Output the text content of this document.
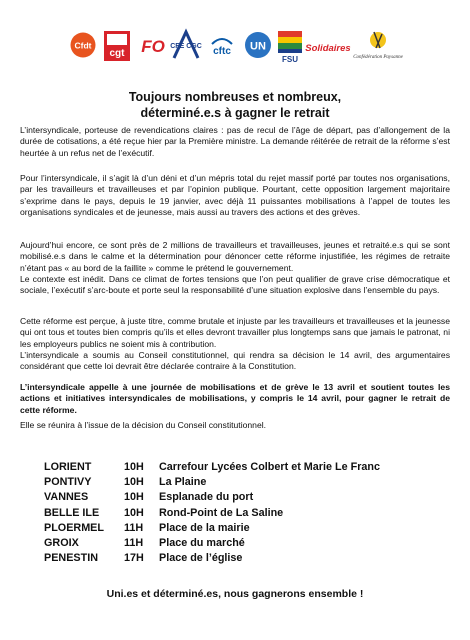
Cfdt
cgt FO CFE CGC cftc UN
FSU
Solidaires
Confédération Paysanne
Toujours nombreuses et nombreux,
déterminé.e.s à gagner le retrait

L’intersyndicale, porteuse de revendications claires : pas de recul de l’âge de départ, pas d’allongement de la durée de cotisations, a été reçue hier par la Première ministre. La demande réitérée de retrait de la réforme s’est heurtée à un refus net de l’exécutif.

Pour l’intersyndicale, il s’agit là d’un déni et d’un mépris total du rejet massif porté par toutes nos organisations, par les travailleurs et travailleuses et par l’opinion publique. Pourtant, cette opposition largement majoritaire s’exprime dans le pays, depuis le 19 janvier, avec déjà 11 puissantes mobilisations à l’appel de toutes les organisations syndicales et de jeunesse, mais aussi au travers des actions et des grèves.

Aujourd’hui encore, ce sont près de 2 millions de travailleurs et travailleuses, jeunes et retraité.e.s qui se sont mobilisé.e.s dans le calme et la détermination pour dénoncer cette réforme injustifiée, les régimes de retraite n’étant pas « au bord de la faillite » comme le prétend le gouvernement.
Le contexte est inédit. Dans ce climat de fortes tensions que l’on peut qualifier de grave crise démocratique et sociale, l’exécutif s’arc-boute et porte seul la responsabilité d’une situation explosive dans l’ensemble du pays.
Cette réforme est perçue, à juste titre, comme brutale et injuste par les travailleurs et travailleuses et la jeunesse qui ont tous et toutes bien compris qu’ils et elles devront travailler plus longtemps sans que jamais le patronat, ni les employeurs publics ne soient mis à contribution.
L’intersyndicale a soumis au Conseil constitutionnel, qui rendra sa décision le 14 avril, des argumentaires considérant que cette loi devrait être déclarée contraire à la Constitution.

L’intersyndicale appelle à une journée de mobilisations et de grève le 13 avril et soutient toutes les actions et initiatives intersyndicales de mobilisations, y compris le 14 avril, pour gagner le retrait de cette réforme.

Elle se réunira à l’issue de la décision du Conseil constitutionnel.

LORIENT	10H Carrefour Lycées Colbert et Marie Le Franc
PONTIVY	10H La Plaine
VANNES	10H Esplanade du port
BELLE ILE 10H Rond-Point de La Saline
PLOERMEL 11H Place de la mairie
GROIX	11H Place du marché
PENESTIN 17H Place de l’église
Uni.es et déterminé.es, nous gagnerons ensemble !
